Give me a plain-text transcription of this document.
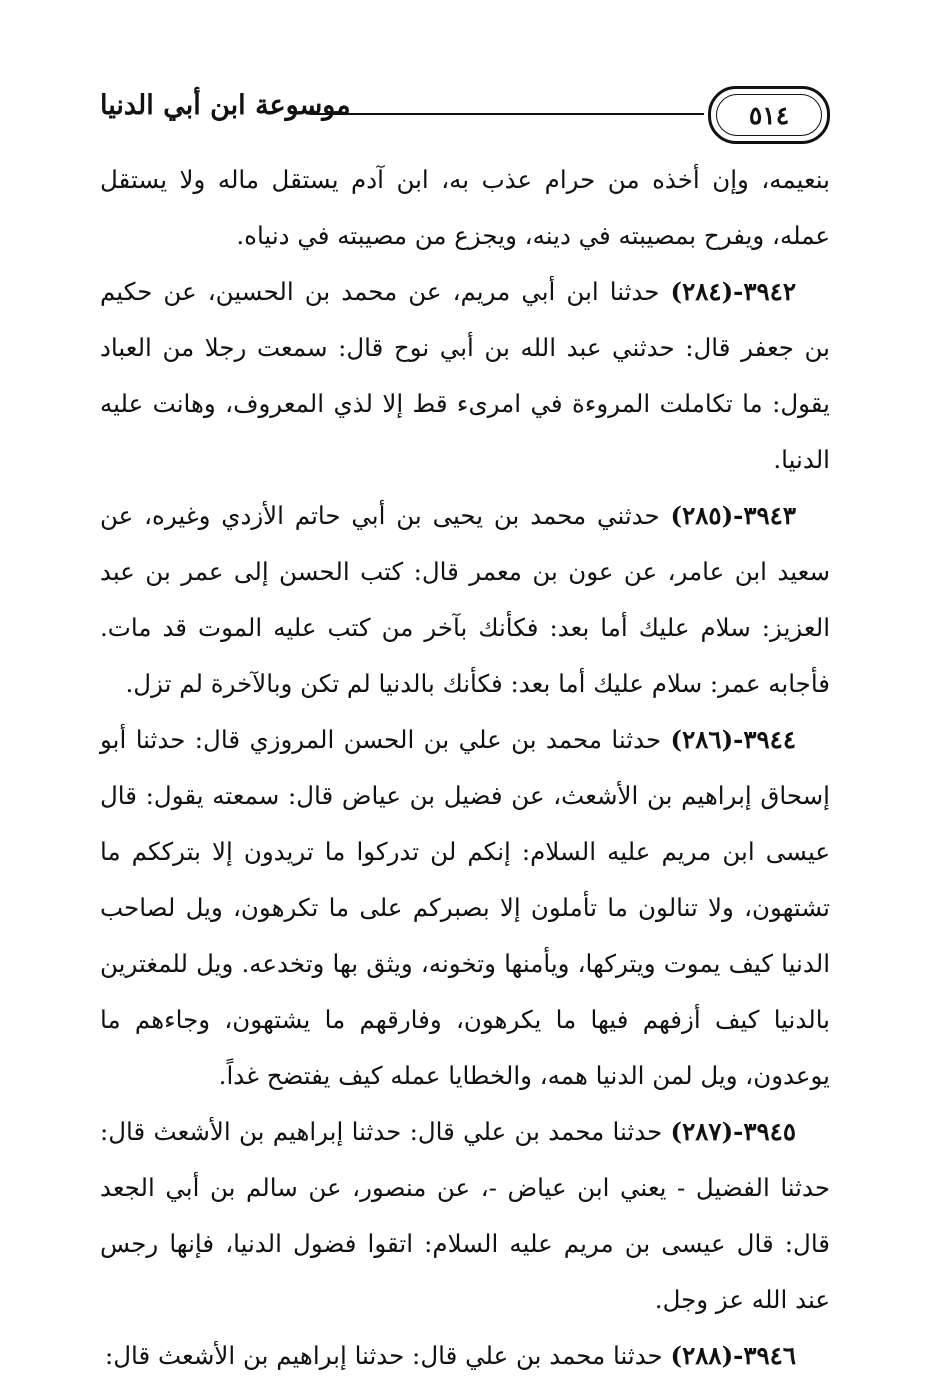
٥١٤
موسوعة ابن أبي الدنيا

بنعيمه، وإن أخذه من حرام عذب به، ابن آدم يستقل ماله ولا يستقل عمله، ويفرح بمصيبته في دينه، ويجزع من مصيبته في دنياه.

٣٩٤٢-(٢٨٤) حدثنا ابن أبي مريم، عن محمد بن الحسين، عن حكيم بن جعفر قال: حدثني عبد الله بن أبي نوح قال: سمعت رجلا من العباد يقول: ما تكاملت المروءة في امرىء قط إلا لذي المعروف، وهانت عليه الدنيا.

٣٩٤٣-(٢٨٥) حدثني محمد بن يحيى بن أبي حاتم الأزدي وغيره، عن سعيد ابن عامر، عن عون بن معمر قال: كتب الحسن إلى عمر بن عبد العزيز: سلام عليك أما بعد: فكأنك بآخر من كتب عليه الموت قد مات. فأجابه عمر: سلام عليك أما بعد: فكأنك بالدنيا لم تكن وبالآخرة لم تزل.

٣٩٤٤-(٢٨٦) حدثنا محمد بن علي بن الحسن المروزي قال: حدثنا أبو إسحاق إبراهيم بن الأشعث، عن فضيل بن عياض قال: سمعته يقول: قال عيسى ابن مريم عليه السلام: إنكم لن تدركوا ما تريدون إلا بترككم ما تشتهون، ولا تنالون ما تأملون إلا بصبركم على ما تكرهون، ويل لصاحب الدنيا كيف يموت ويتركها، ويأمنها وتخونه، ويثق بها وتخدعه. ويل للمغترين بالدنيا كيف أزفهم فيها ما يكرهون، وفارقهم ما يشتهون، وجاءهم ما يوعدون، ويل لمن الدنيا همه، والخطايا عمله كيف يفتضح غداً.

٣٩٤٥-(٢٨٧) حدثنا محمد بن علي قال: حدثنا إبراهيم بن الأشعث قال: حدثنا الفضيل - يعني ابن عياض -، عن منصور، عن سالم بن أبي الجعد قال: قال عيسى بن مريم عليه السلام: اتقوا فضول الدنيا، فإنها رجس عند الله عز وجل.

٣٩٤٦-(٢٨٨) حدثنا محمد بن علي قال: حدثنا إبراهيم بن الأشعث قال:
